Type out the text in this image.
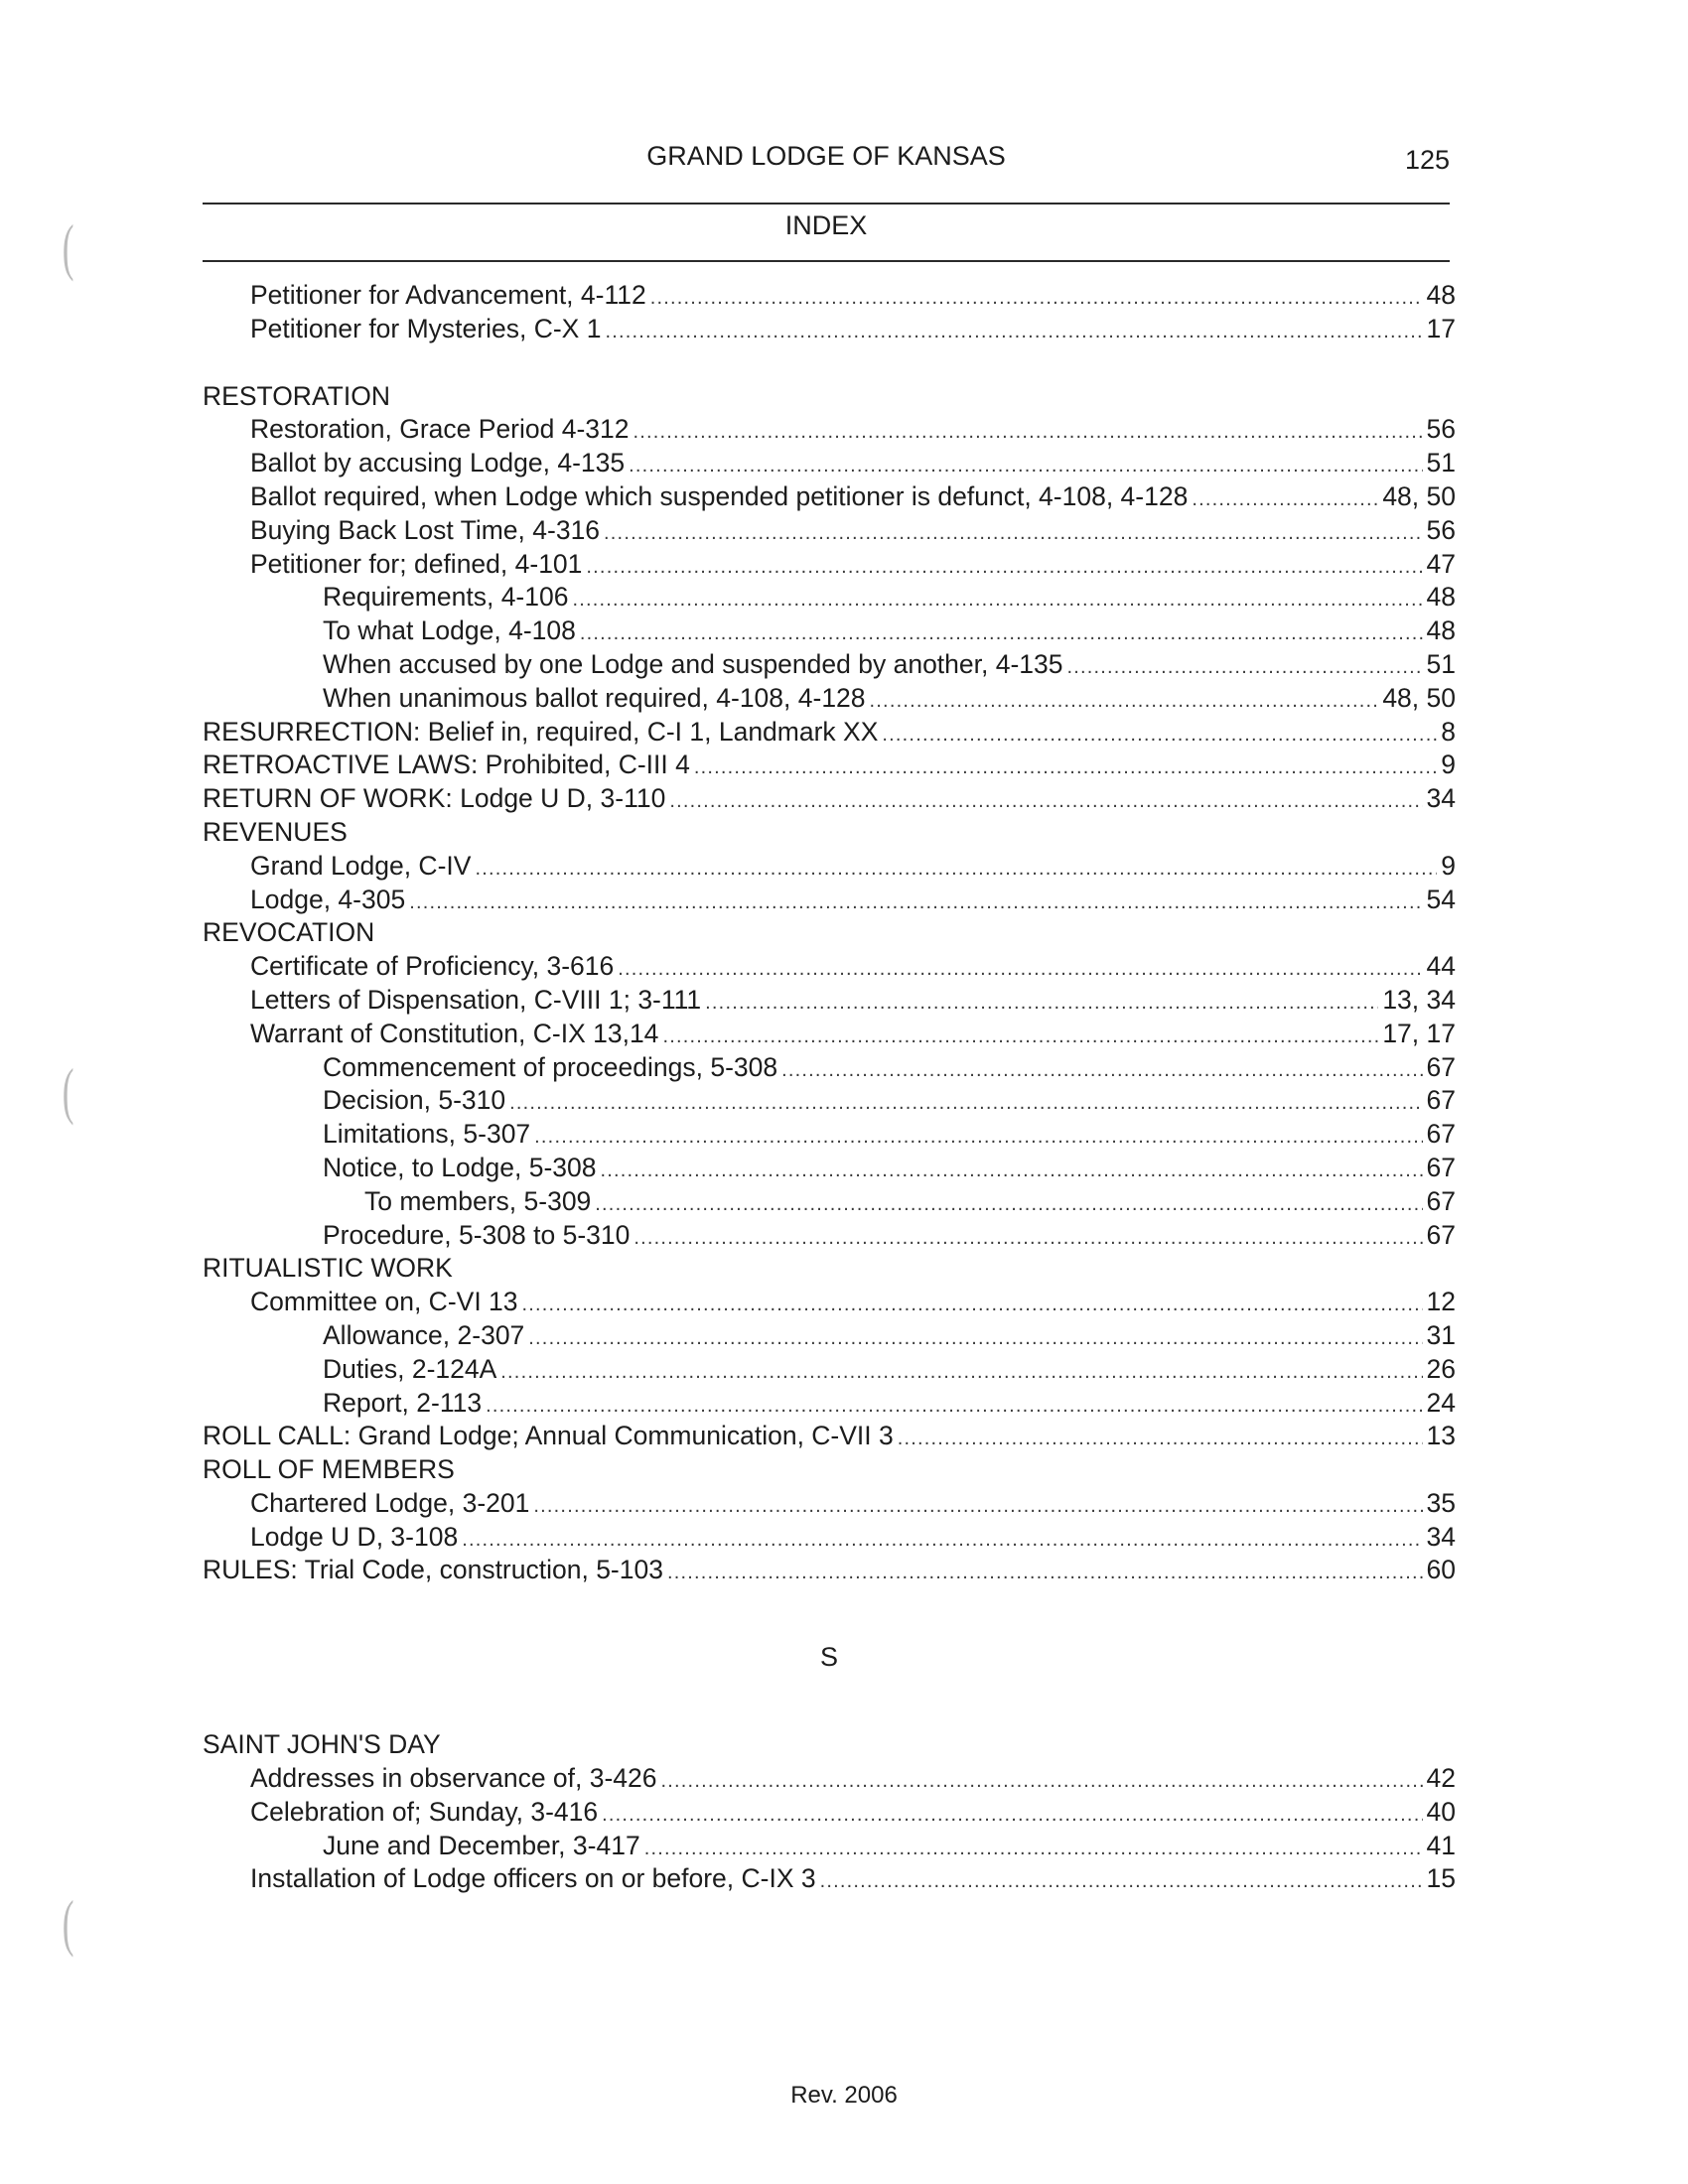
GRAND LODGE OF KANSAS	125
INDEX
(
(
(
Petitioner for Advancement, 4-112 .....	48
Petitioner for Mysteries, C-X 1 .....	17
RESTORATION
Restoration, Grace Period 4-312 .....	56
Ballot by accusing Lodge, 4-135 .....	51
Ballot required, when Lodge which suspended petitioner is defunct, 4-108, 4-128 .....	48, 50
Buying Back Lost Time, 4-316 .....	56
Petitioner for; defined, 4-101 .....	47
Requirements, 4-106 .....	48
To what Lodge, 4-108 .....	48
When accused by one Lodge and suspended by another, 4-135 .....	51
When unanimous ballot required, 4-108, 4-128 .....	48, 50
RESURRECTION: Belief in, required, C-I 1, Landmark XX .....	8
RETROACTIVE LAWS: Prohibited, C-III 4 .....	9
RETURN OF WORK: Lodge U D, 3-110 .....	34
REVENUES
Grand Lodge, C-IV .....	9
Lodge, 4-305 .....	54
REVOCATION
Certificate of Proficiency, 3-616 .....	44
Letters of Dispensation, C-VIII 1; 3-111 .....	13, 34
Warrant of Constitution, C-IX 13,14 .....	17, 17
Commencement of proceedings, 5-308 .....	67
Decision, 5-310 .....	67
Limitations, 5-307 .....	67
Notice, to Lodge, 5-308 .....	67
To members, 5-309 .....	67
Procedure, 5-308 to 5-310 .....	67
RITUALISTIC WORK
Committee on, C-VI 13 .....	12
Allowance, 2-307 .....	31
Duties, 2-124A .....	26
Report, 2-113 .....	24
ROLL CALL: Grand Lodge; Annual Communication, C-VII 3 .....	13
ROLL OF MEMBERS
Chartered Lodge, 3-201 .....	35
Lodge U D, 3-108 .....	34
RULES: Trial Code, construction, 5-103 .....	60
S
SAINT JOHN'S DAY
Addresses in observance of, 3-426 .....	42
Celebration of; Sunday, 3-416 .....	40
June and December, 3-417 .....	41
Installation of Lodge officers on or before, C-IX 3 .....	15
Rev. 2006
